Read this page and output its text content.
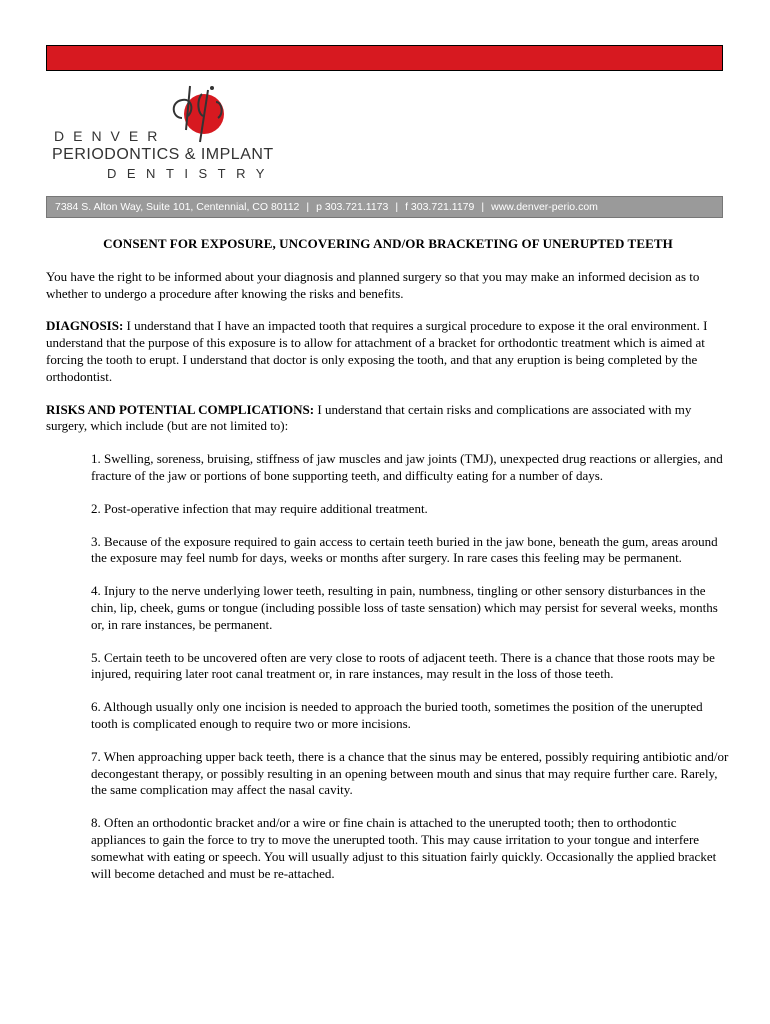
DENVER
PERIODONTICS & IMPLANT
DENTISTRY
7384 S. Alton Way, Suite 101, Centennial, CO 80112 | p 303.721.1173 | f 303.721.1179 | www.denver-perio.com
CONSENT FOR EXPOSURE, UNCOVERING AND/OR BRACKETING OF UNERUPTED TEETH

You have the right to be informed about your diagnosis and planned surgery so that you may make an informed decision as to whether to undergo a procedure after knowing the risks and benefits.

DIAGNOSIS: I understand that I have an impacted tooth that requires a surgical procedure to expose it the oral environment. I understand that the purpose of this exposure is to allow for attachment of a bracket for orthodontic treatment which is aimed at forcing the tooth to erupt. I understand that doctor is only exposing the tooth, and that any eruption is being completed by the orthodontist.

RISKS AND POTENTIAL COMPLICATIONS: I understand that certain risks and complications are associated with my surgery, which include (but are not limited to):

1. Swelling, soreness, bruising, stiffness of jaw muscles and jaw joints (TMJ), unexpected drug reactions or allergies, and fracture of the jaw or portions of bone supporting teeth, and difficulty eating for a number of days.

2. Post-operative infection that may require additional treatment.

3. Because of the exposure required to gain access to certain teeth buried in the jaw bone, beneath the gum, areas around the exposure may feel numb for days, weeks or months after surgery. In rare cases this feeling may be permanent.

4. Injury to the nerve underlying lower teeth, resulting in pain, numbness, tingling or other sensory disturbances in the chin, lip, cheek, gums or tongue (including possible loss of taste sensation) which may persist for several weeks, months or, in rare instances, be permanent.

5. Certain teeth to be uncovered often are very close to roots of adjacent teeth. There is a chance that those roots may be injured, requiring later root canal treatment or, in rare instances, may result in the loss of those teeth.

6. Although usually only one incision is needed to approach the buried tooth, sometimes the position of the unerupted tooth is complicated enough to require two or more incisions.

7. When approaching upper back teeth, there is a chance that the sinus may be entered, possibly requiring antibiotic and/or decongestant therapy, or possibly resulting in an opening between mouth and sinus that may require further care. Rarely, the same complication may affect the nasal cavity.

8. Often an orthodontic bracket and/or a wire or fine chain is attached to the unerupted tooth; then to orthodontic appliances to gain the force to try to move the unerupted tooth. This may cause irritation to your tongue and interfere somewhat with eating or speech. You will usually adjust to this situation fairly quickly. Occasionally the applied bracket will become detached and must be re-attached.
